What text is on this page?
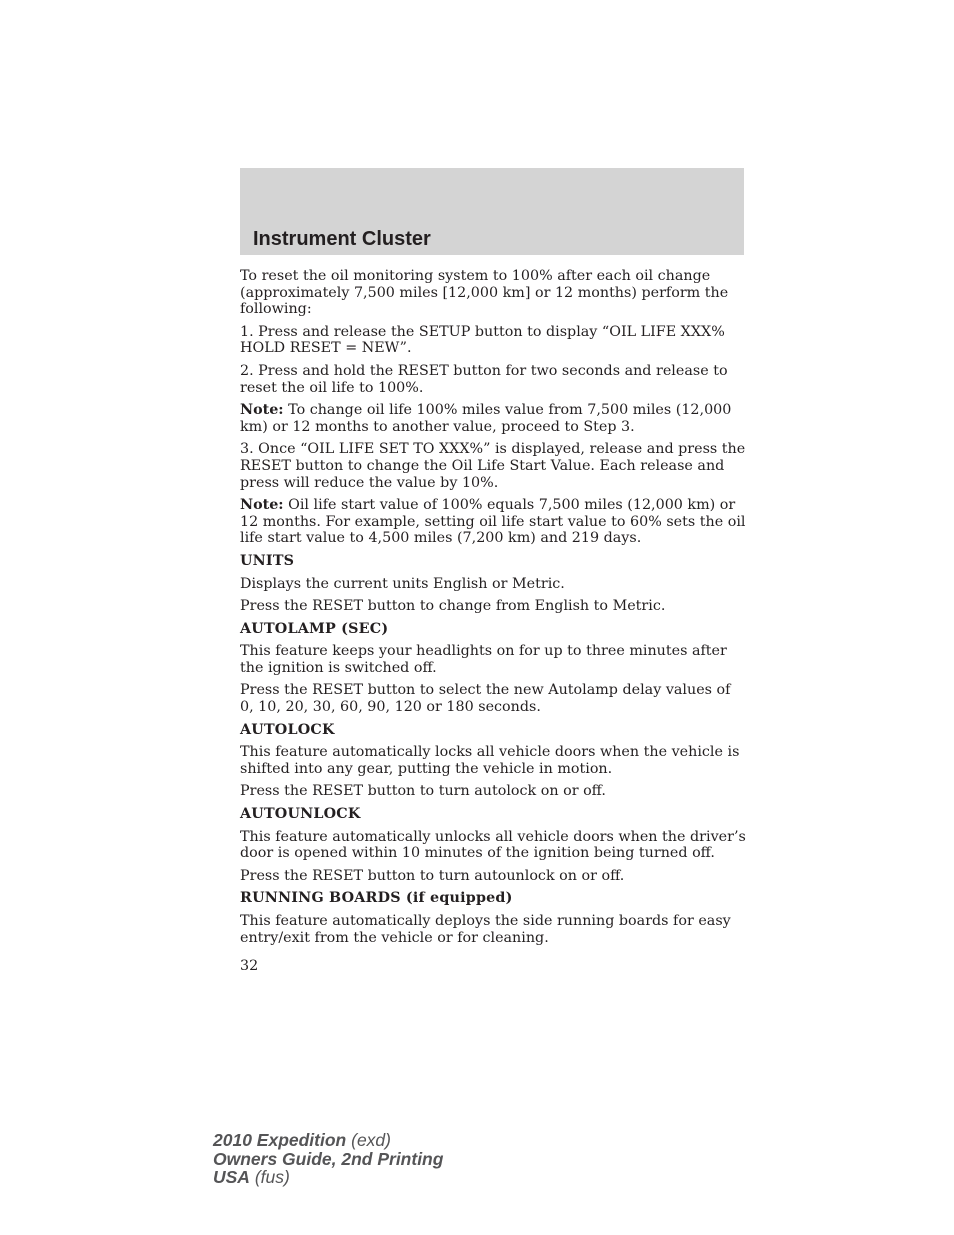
Instrument Cluster

To reset the oil monitoring system to 100% after each oil change (approximately 7,500 miles [12,000 km] or 12 months) perform the following:

1. Press and release the SETUP button to display “OIL LIFE XXX% HOLD RESET = NEW”.

2. Press and hold the RESET button for two seconds and release to reset the oil life to 100%.

Note: To change oil life 100% miles value from 7,500 miles (12,000 km) or 12 months to another value, proceed to Step 3.

3. Once “OIL LIFE SET TO XXX%” is displayed, release and press the RESET button to change the Oil Life Start Value. Each release and press will reduce the value by 10%.

Note: Oil life start value of 100% equals 7,500 miles (12,000 km) or 12 months. For example, setting oil life start value to 60% sets the oil life start value to 4,500 miles (7,200 km) and 219 days.

UNITS

Displays the current units English or Metric.

Press the RESET button to change from English to Metric.

AUTOLAMP (SEC)

This feature keeps your headlights on for up to three minutes after the ignition is switched off.

Press the RESET button to select the new Autolamp delay values of 0, 10, 20, 30, 60, 90, 120 or 180 seconds.

AUTOLOCK

This feature automatically locks all vehicle doors when the vehicle is shifted into any gear, putting the vehicle in motion.

Press the RESET button to turn autolock on or off.

AUTOUNLOCK

This feature automatically unlocks all vehicle doors when the driver’s door is opened within 10 minutes of the ignition being turned off.

Press the RESET button to turn autounlock on or off.

RUNNING BOARDS (if equipped)

This feature automatically deploys the side running boards for easy entry/exit from the vehicle or for cleaning.

32

2010 Expedition (exd)
Owners Guide, 2nd Printing
USA (fus)
